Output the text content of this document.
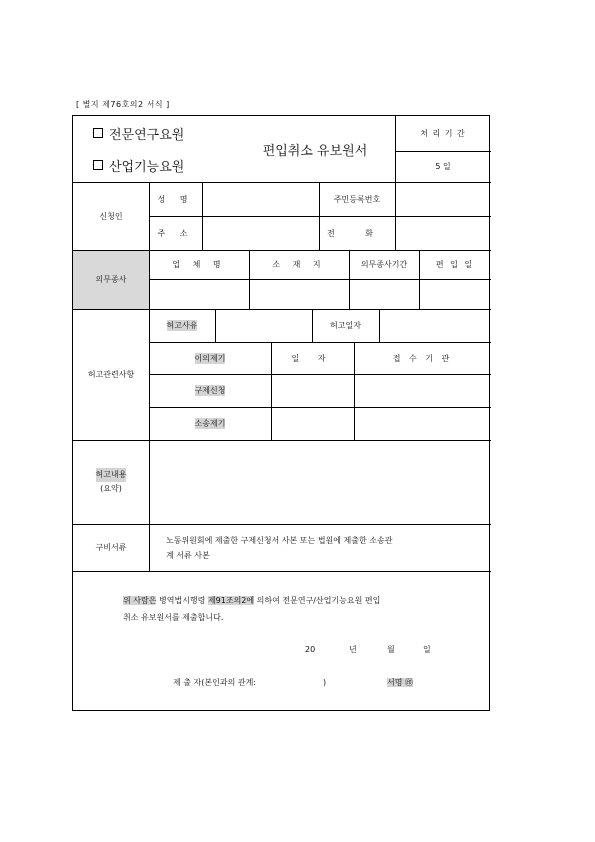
[ 별지 제76호의2 서식 ]
전문연구요원
산업기능요원
편입취소 유보원서
처 리 기 간
5 일
신청인
성 명	주민등록번호
주 소	전 화
의무종사
업 체 명	소 재 지	의무종사기간	편 입 일
허고관련사항
허고사유	허고일자
이의제기	일 자	접 수 기 관
구제신청
소송제기
허고내용
(요약)
구비서류
노동위원회에 제출한 구제신청서 사본 또는 법원에 제출한 소송관
계 서류 사본
위 사람은 병역법시행령 제91조의2에 의하여 전문연구/산업기능요원 편입
취소 유보원서를 제출합니다.
20	년	월	일
제 출 자(본인과의 관계:	)	서명 ㊞
